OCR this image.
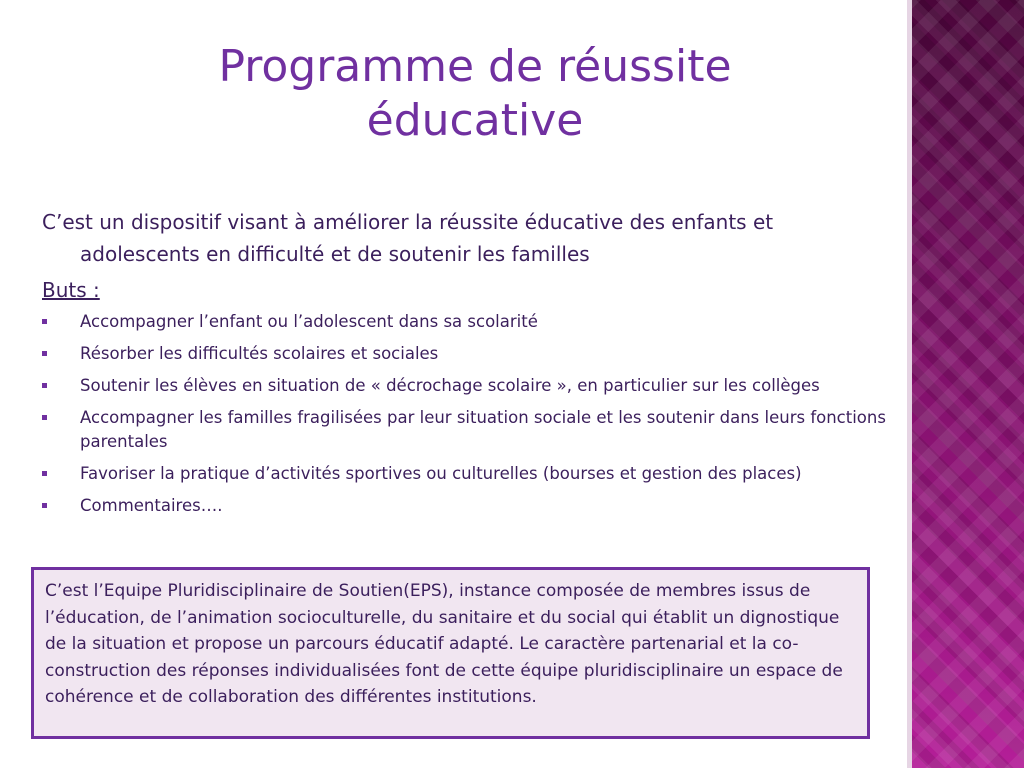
Programme de réussite
éducative

C’est un dispositif visant à améliorer la réussite éducative des enfants et adolescents en difficulté et de soutenir les familles

Buts :
Accompagner l’enfant ou l’adolescent dans sa scolarité
Résorber les difficultés scolaires et sociales
Soutenir les élèves en situation de « décrochage scolaire », en particulier sur les collèges
Accompagner les familles fragilisées par leur situation sociale et les soutenir dans leurs fonctions parentales
Favoriser la pratique d’activités sportives ou culturelles (bourses et gestion des places)
Commentaires….
C’est l’Equipe Pluridisciplinaire de Soutien(EPS), instance composée de membres issus de l’éducation, de l’animation socioculturelle, du sanitaire et du social qui établit un dignostique de la situation et propose un parcours éducatif adapté. Le caractère partenarial et la co-construction des réponses individualisées font de cette équipe pluridisciplinaire un espace de cohérence et de collaboration des différentes institutions.
